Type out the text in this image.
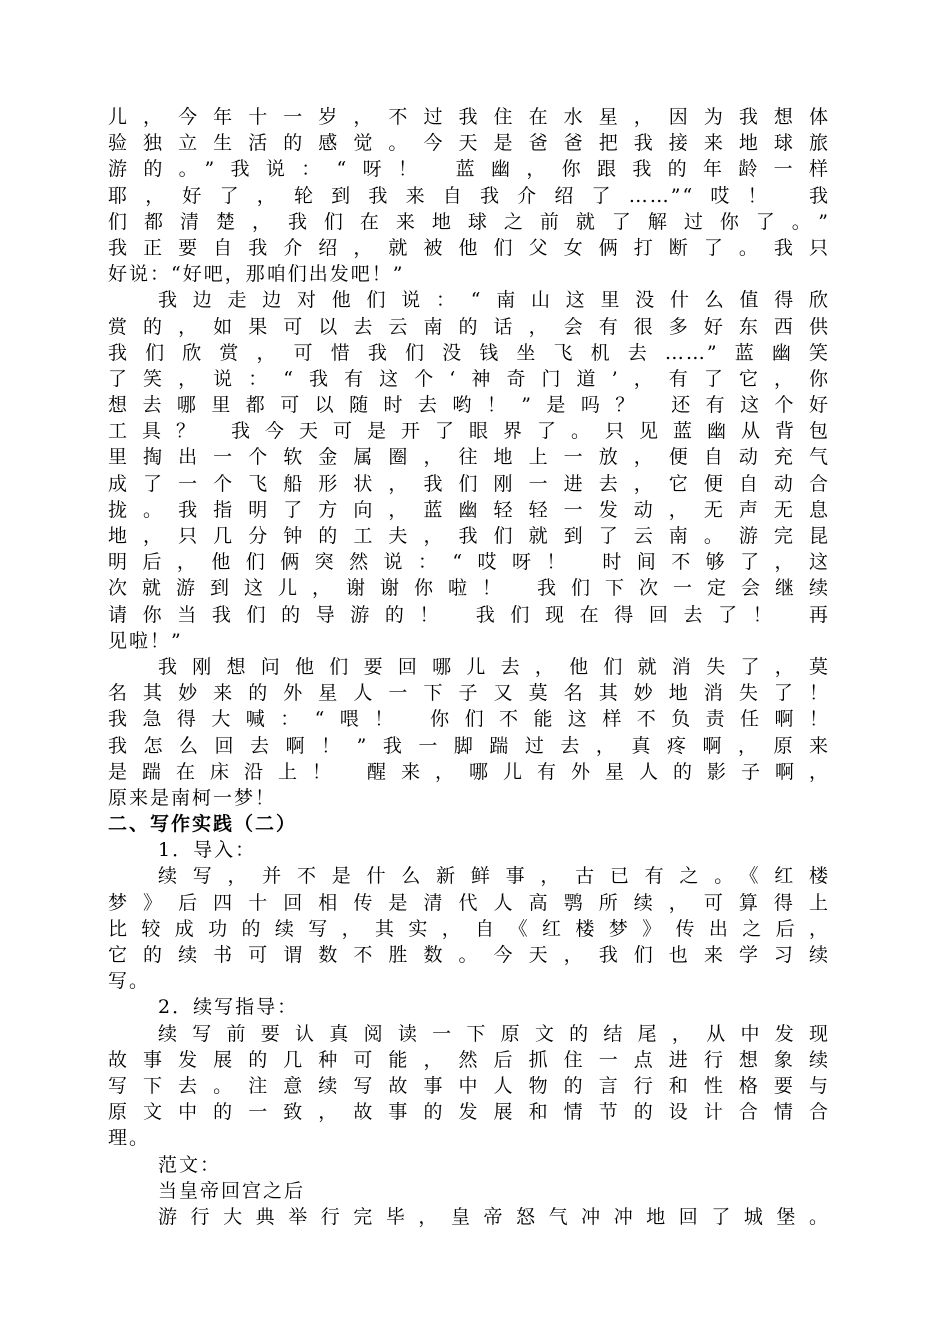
儿，今年十一岁，不过我住在水星，因为我想体
验独立生活的感觉。今天是爸爸把我接来地球旅
游的。”我说：“呀！ 蓝幽，你跟我的年龄一样
耶，好了，轮到我来自我介绍了……”“哎！ 我
们都清楚，我们在来地球之前就了解过你了。”
我正要自我介绍，就被他们父女俩打断了。我只
好说：“好吧，那咱们出发吧！”
我边走边对他们说：“南山这里没什么值得欣
赏的，如果可以去云南的话，会有很多好东西供
我们欣赏，可惜我们没钱坐飞机去……”蓝幽笑
了笑，说：“我有这个‘神奇门道’，有了它，你
想去哪里都可以随时去哟！”是吗？ 还有这个好
工具？ 我今天可是开了眼界了。只见蓝幽从背包
里掏出一个软金属圈，往地上一放，便自动充气
成了一个飞船形状，我们刚一进去，它便自动合
拢。我指明了方向，蓝幽轻轻一发动，无声无息
地，只几分钟的工夫，我们就到了云南。游完昆
明后，他们俩突然说：“哎呀！ 时间不够了，这
次就游到这儿，谢谢你啦！ 我们下次一定会继续
请你当我们的导游的！ 我们现在得回去了！ 再
见啦！”
我刚想问他们要回哪儿去，他们就消失了，莫
名其妙来的外星人一下子又莫名其妙地消失了！
我急得大喊：“喂！ 你们不能这样不负责任啊！
我怎么回去啊！”我一脚踹过去，真疼啊，原来
是踹在床沿上！ 醒来，哪儿有外星人的影子啊，
原来是南柯一梦！
二、写作实践（二）
1．导入：
续写，并不是什么新鲜事，古已有之。《红楼
梦》后四十回相传是清代人高鹗所续，可算得上
比较成功的续写，其实，自《红楼梦》传出之后，
它的续书可谓数不胜数。今天，我们也来学习续
写。
2．续写指导：
续写前要认真阅读一下原文的结尾，从中发现
故事发展的几种可能，然后抓住一点进行想象续
写下去。注意续写故事中人物的言行和性格要与
原文中的一致，故事的发展和情节的设计合情合
理。
范文：
当皇帝回宫之后
游行大典举行完毕，皇帝怒气冲冲地回了城堡。
